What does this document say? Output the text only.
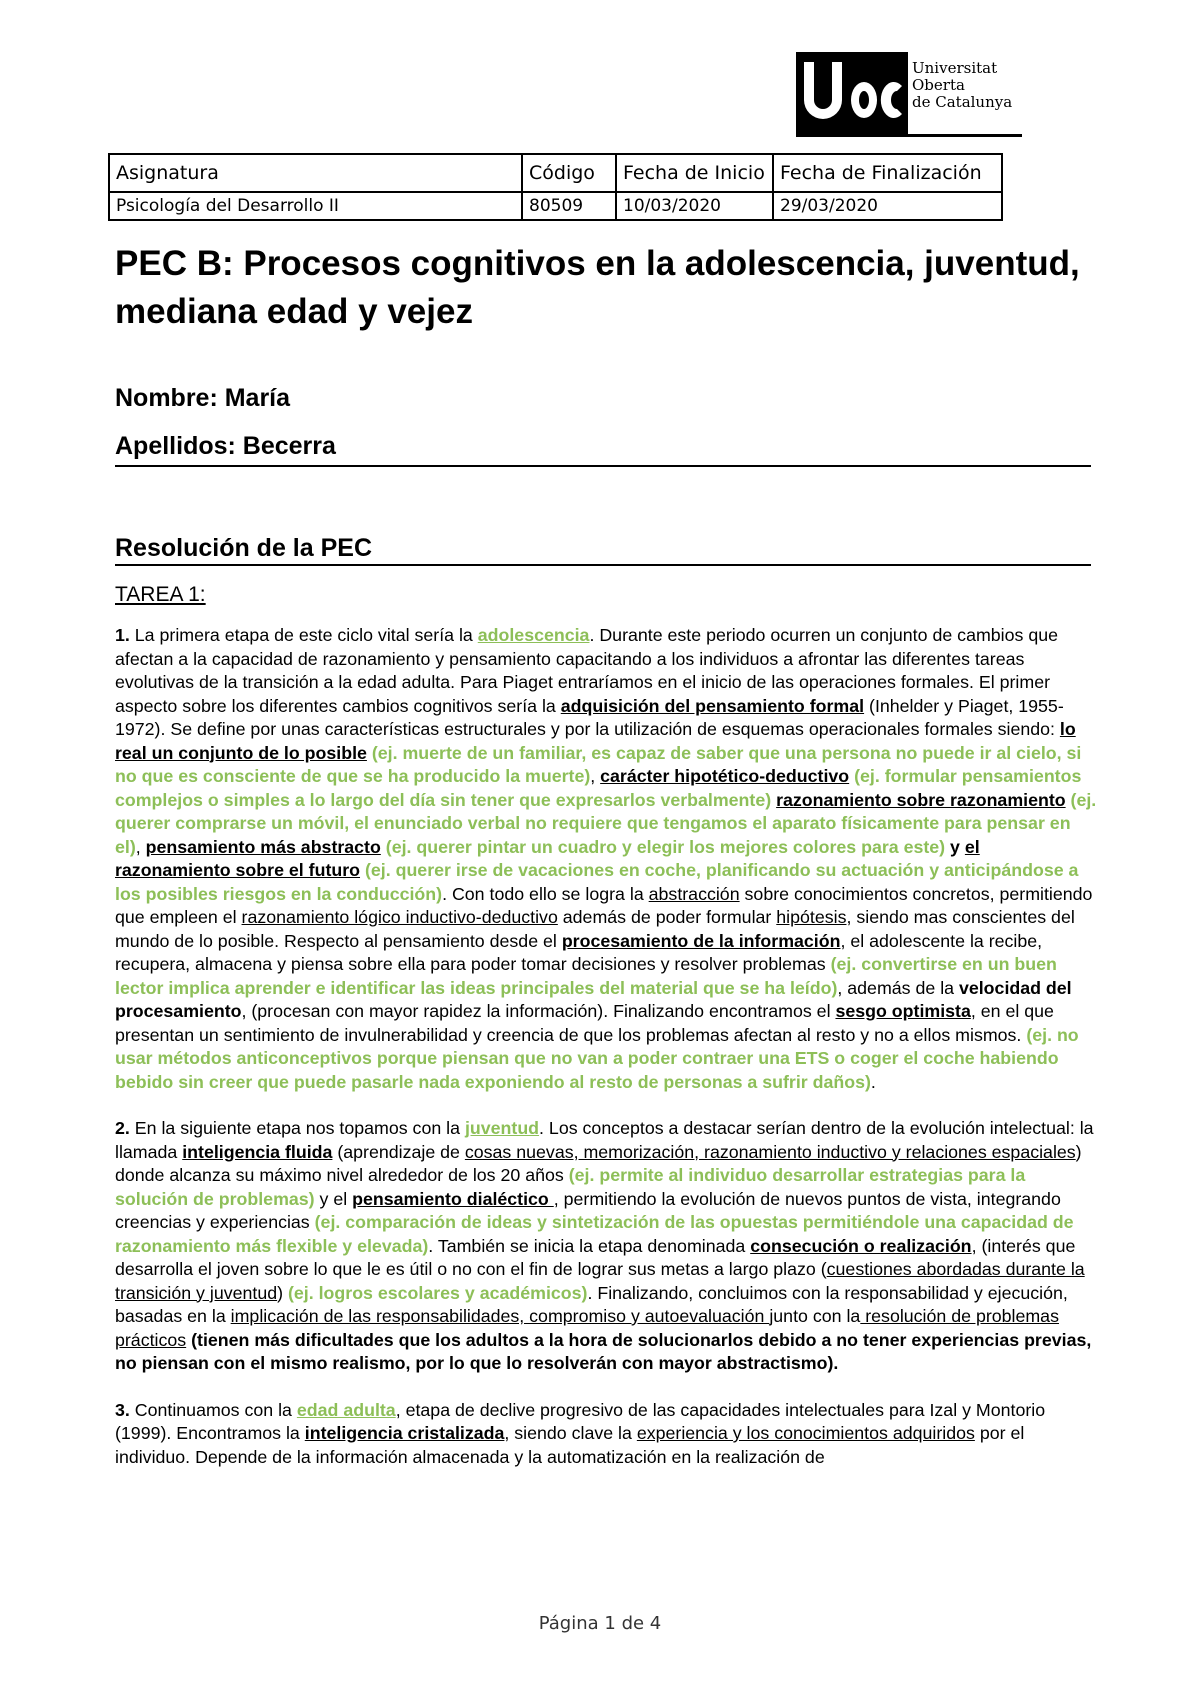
Universitat
Oberta
de Catalunya
Asignatura	Código	Fecha de Inicio	Fecha de Finalización
Psicología del Desarrollo II	80509	10/03/2020	29/03/2020
PEC B: Procesos cognitivos en la adolescencia, juventud, mediana edad y vejez
Nombre: María
Apellidos: Becerra
Resolución de la PEC
TAREA 1:

1. La primera etapa de este ciclo vital sería la adolescencia. Durante este periodo ocurren un conjunto de cambios que afectan a la capacidad de razonamiento y pensamiento capacitando a los individuos a afrontar las diferentes tareas evolutivas de la transición a la edad adulta. Para Piaget entraríamos en el inicio de las operaciones formales. El primer aspecto sobre los diferentes cambios cognitivos sería la adquisición del pensamiento formal (Inhelder y Piaget, 1955-1972). Se define por unas características estructurales y por la utilización de esquemas operacionales formales siendo: lo real un conjunto de lo posible (ej. muerte de un familiar, es capaz de saber que una persona no puede ir al cielo, si no que es consciente de que se ha producido la muerte), carácter hipotético-deductivo (ej. formular pensamientos complejos o simples a lo largo del día sin tener que expresarlos verbalmente) razonamiento sobre razonamiento (ej. querer comprarse un móvil, el enunciado verbal no requiere que tengamos el aparato físicamente para pensar en el), pensamiento más abstracto (ej. querer pintar un cuadro y elegir los mejores colores para este) y el razonamiento sobre el futuro (ej. querer irse de vacaciones en coche, planificando su actuación y anticipándose a los posibles riesgos en la conducción). Con todo ello se logra la abstracción sobre conocimientos concretos, permitiendo que empleen el razonamiento lógico inductivo-deductivo además de poder formular hipótesis, siendo mas conscientes del mundo de lo posible. Respecto al pensamiento desde el procesamiento de la información, el adolescente la recibe, recupera, almacena y piensa sobre ella para poder tomar decisiones y resolver problemas (ej. convertirse en un buen lector implica aprender e identificar las ideas principales del material que se ha leído), además de la velocidad del procesamiento, (procesan con mayor rapidez la información). Finalizando encontramos el sesgo optimista, en el que presentan un sentimiento de invulnerabilidad y creencia de que los problemas afectan al resto y no a ellos mismos. (ej. no usar métodos anticonceptivos porque piensan que no van a poder contraer una ETS o coger el coche habiendo bebido sin creer que puede pasarle nada exponiendo al resto de personas a sufrir daños).

2. En la siguiente etapa nos topamos con la juventud. Los conceptos a destacar serían dentro de la evolución intelectual: la llamada inteligencia fluida (aprendizaje de cosas nuevas, memorización, razonamiento inductivo y relaciones espaciales) donde alcanza su máximo nivel alrededor de los 20 años (ej. permite al individuo desarrollar estrategias para la solución de problemas) y el pensamiento dialéctico , permitiendo la evolución de nuevos puntos de vista, integrando creencias y experiencias (ej. comparación de ideas y sintetización de las opuestas permitiéndole una capacidad de razonamiento más flexible y elevada). También se inicia la etapa denominada consecución o realización, (interés que desarrolla el joven sobre lo que le es útil o no con el fin de lograr sus metas a largo plazo (cuestiones abordadas durante la transición y juventud) (ej. logros escolares y académicos). Finalizando, concluimos con la responsabilidad y ejecución, basadas en la implicación de las responsabilidades, compromiso y autoevaluación junto con la resolución de problemas prácticos (tienen más dificultades que los adultos a la hora de solucionarlos debido a no tener experiencias previas, no piensan con el mismo realismo, por lo que lo resolverán con mayor abstractismo).

3. Continuamos con la edad adulta, etapa de declive progresivo de las capacidades intelectuales para Izal y Montorio (1999). Encontramos la inteligencia cristalizada, siendo clave la experiencia y los conocimientos adquiridos por el individuo. Depende de la información almacenada y la automatización en la realización de

Página 1 de 4
